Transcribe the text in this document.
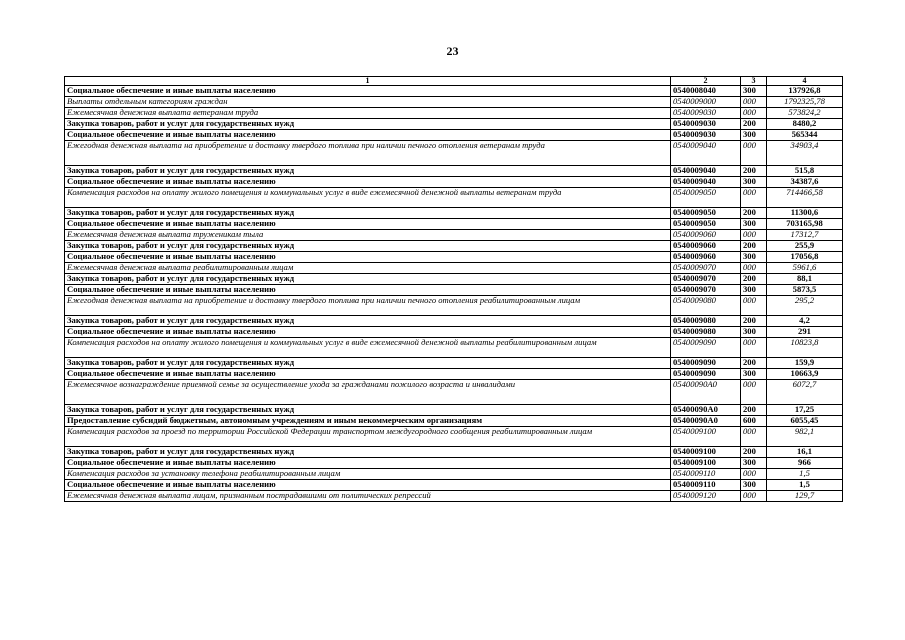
23
1	2	3	4
Социальное обеспечение и иные выплаты населению	0540008040	300	137926,8
Выплаты отдельным категориям граждан	0540009000	000	1792325,78
Ежемесячная денежная выплата ветеранам труда	0540009030	000	573824,2
Закупка товаров, работ и услуг для государственных нужд	0540009030	200	8480,2
Социальное обеспечение и иные выплаты населению	0540009030	300	565344
Ежегодная денежная выплата на приобретение и доставку твердого топлива при наличии печного отопления ветеранам труда	0540009040	000	34903,4
Закупка товаров, работ и услуг для государственных нужд	0540009040	200	515,8
Социальное обеспечение и иные выплаты населению	0540009040	300	34387,6
Компенсация расходов на оплату жилого помещения и коммунальных услуг в виде ежемесячной денежной выплаты ветеранам труда	0540009050	000	714466,58
Закупка товаров, работ и услуг для государственных нужд	0540009050	200	11300,6
Социальное обеспечение и иные выплаты населению	0540009050	300	703165,98
Ежемесячная денежная выплата труженикам тыла	0540009060	000	17312,7
Закупка товаров, работ и услуг для государственных нужд	0540009060	200	255,9
Социальное обеспечение и иные выплаты населению	0540009060	300	17056,8
Ежемесячная денежная выплата реабилитированным лицам	0540009070	000	5961,6
Закупка товаров, работ и услуг для государственных нужд	0540009070	200	88,1
Социальное обеспечение и иные выплаты населению	0540009070	300	5873,5
Ежегодная денежная выплата на приобретение и доставку твердого топлива при наличии печного отопления реабилитированным лицам	0540009080	000	295,2
Закупка товаров, работ и услуг для государственных нужд	0540009080	200	4,2
Социальное обеспечение и иные выплаты населению	0540009080	300	291
Компенсация расходов на оплату жилого помещения и коммунальных услуг в виде ежемесячной денежной выплаты реабилитированным лицам	0540009090	000	10823,8
Закупка товаров, работ и услуг для государственных нужд	0540009090	200	159,9
Социальное обеспечение и иные выплаты населению	0540009090	300	10663,9
Ежемесячное вознаграждение приемной семье за осуществление ухода за гражданами пожилого возраста и инвалидами	05400090А0	000	6072,7
Закупка товаров, работ и услуг для государственных нужд	05400090А0	200	17,25
Предоставление субсидий бюджетным, автономным учреждениям и иным некоммерческим организациям	05400090А0	600	6055,45
Компенсация расходов за проезд по территории Российской Федерации транспортом междугородного сообщения реабилитированным лицам	0540009100	000	982,1
Закупка товаров, работ и услуг для государственных нужд	0540009100	200	16,1
Социальное обеспечение и иные выплаты населению	0540009100	300	966
Компенсация расходов за установку телефона реабилитированным лицам	0540009110	000	1,5
Социальное обеспечение и иные выплаты населению	0540009110	300	1,5
Ежемесячная денежная выплата лицам, признанным пострадавшими от политических репрессий	0540009120	000	129,7
